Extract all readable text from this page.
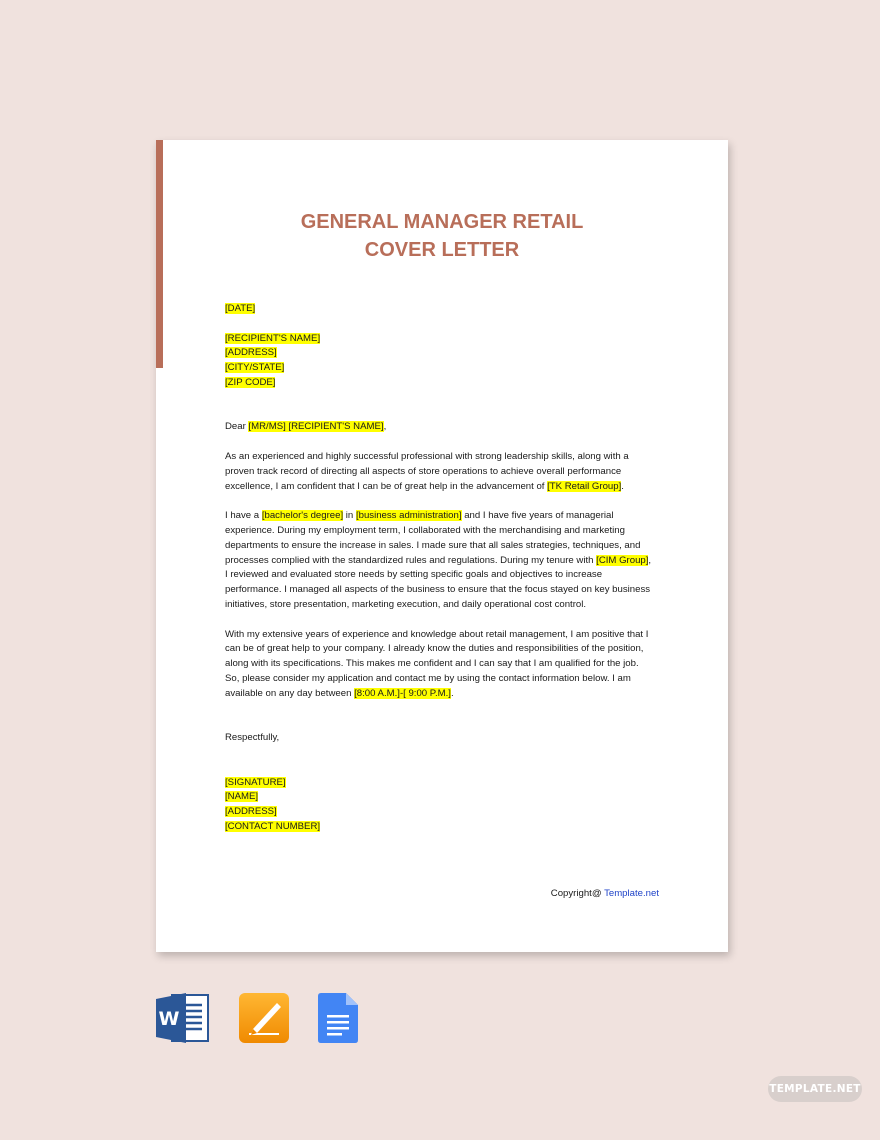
GENERAL MANAGER RETAIL
COVER LETTER
[DATE]
[RECIPIENT'S NAME]
[ADDRESS]
[CITY/STATE]
[ZIP CODE]
Dear [MR/MS] [RECIPIENT'S NAME],
As an experienced and highly successful professional with strong leadership skills, along with a
proven track record of directing all aspects of store operations to achieve overall performance
excellence, I am confident that I can be of great help in the advancement of [TK Retail Group].
I have a [bachelor's degree] in [business administration] and I have five years of managerial
experience. During my employment term, I collaborated with the merchandising and marketing
departments to ensure the increase in sales. I made sure that all sales strategies, techniques, and
processes complied with the standardized rules and regulations. During my tenure with [CIM Group],
I reviewed and evaluated store needs by setting specific goals and objectives to increase
performance. I managed all aspects of the business to ensure that the focus stayed on key business
initiatives, store presentation, marketing execution, and daily operational cost control.
With my extensive years of experience and knowledge about retail management, I am positive that I
can be of great help to your company. I already know the duties and responsibilities of the position,
along with its specifications. This makes me confident and I can say that I am qualified for the job.
So, please consider my application and contact me by using the contact information below. I am
available on any day between [8:00 A.M.]-[ 9:00 P.M.].
Respectfully,
[SIGNATURE]
[NAME]
[ADDRESS]
[CONTACT NUMBER]
Copyright@ Template.net
W
TEMPLATE.NET
